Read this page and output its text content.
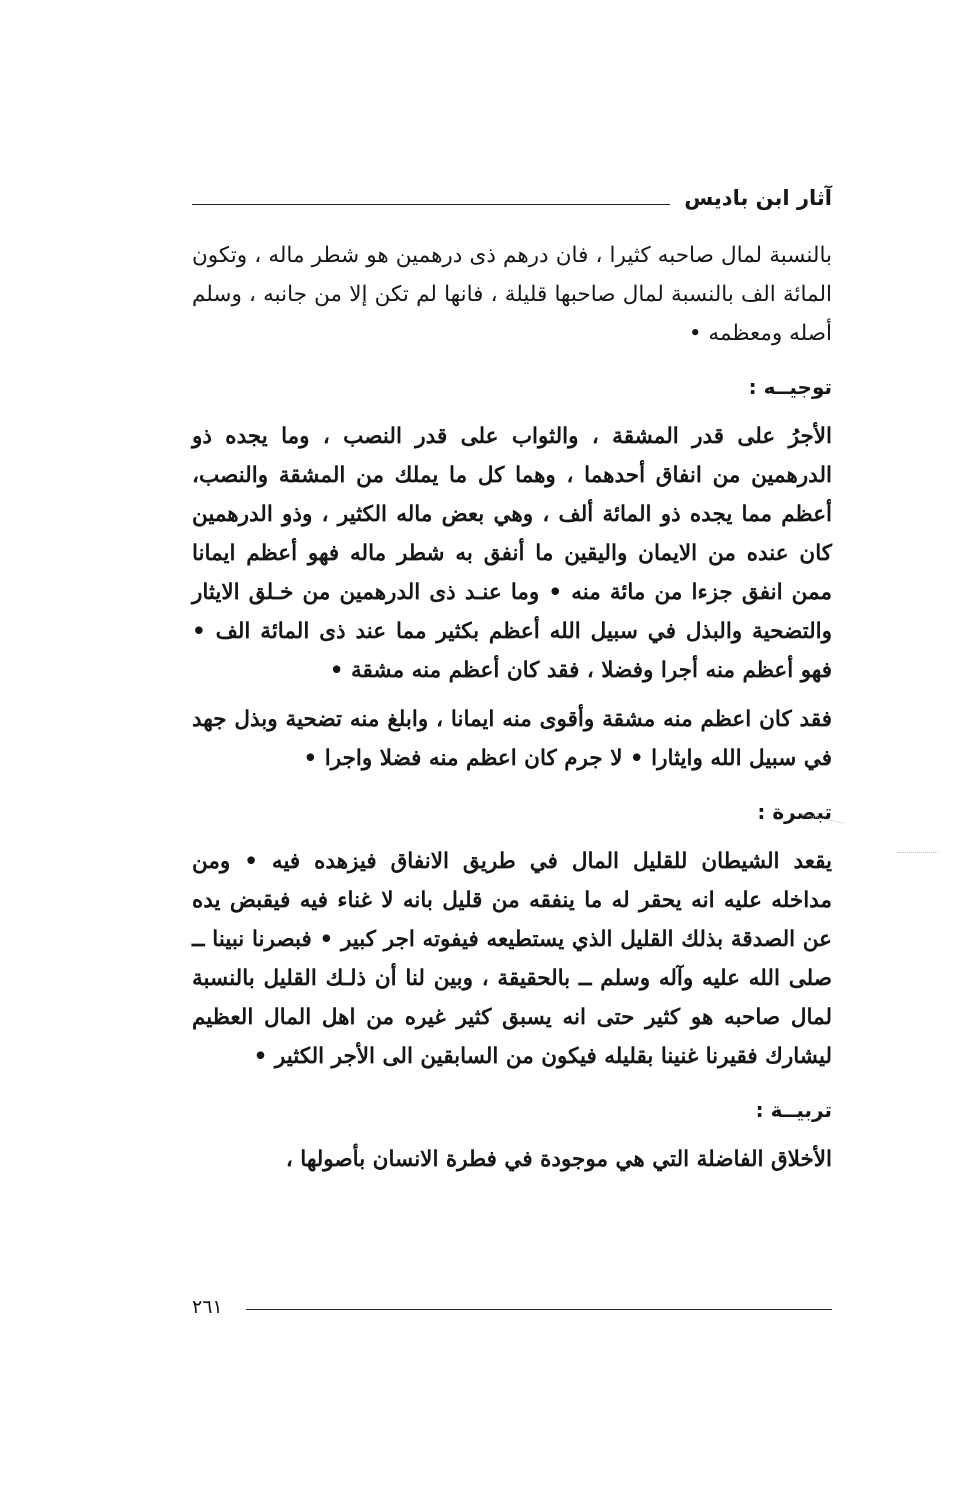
آثار ابن باديس

بالنسبة لمال صاحبه كثيرا ، فان درهم ذى درهمين هو شطر ماله ، وتكون المائة الف بالنسبة لمال صاحبها قليلة ، فانها لم تكن إلا من جانبه ، وسلم أصله ومعظمه •

توجيــه :

الأجرُ على قدر المشقة ، والثواب على قدر النصب ، وما يجده ذو الدرهمين من انفاق أحدهما ، وهما كل ما يملك من المشقة والنصب، أعظم مما يجده ذو المائة ألف ، وهي بعض ماله الكثير ، وذو الدرهمين كان عنده من الايمان واليقين ما أنفق به شطر ماله فهو أعظم ايمانا ممن انفق جزءا من مائة منه • وما عنـد ذى الدرهمين من خـلق الايثار والتضحية والبذل في سبيل الله أعظم بكثير مما عند ذى المائة الف • فهو أعظم منه أجرا وفضلا ، فقد كان أعظم منه مشقة •

فقد كان اعظم منه مشقة وأقوى منه ايمانا ، وابلغ منه تضحية وبذل جهد في سبيل الله وايثارا • لا جرم كان اعظم منه فضلا واجرا •

تبصرة :

يقعد الشيطان للقليل المال في طريق الانفاق فيزهده فيه • ومن مداخله عليه انه يحقر له ما ينفقه من قليل بانه لا غناء فيه فيقبض يده عن الصدقة بذلك القليل الذي يستطيعه فيفوته اجر كبير • فبصرنا نبينا ــ صلى الله عليه وآله وسلم ــ بالحقيقة ، وبين لنا أن ذلـك القليل بالنسبة لمال صاحبه هو كثير حتى انه يسبق كثير غيره من اهل المال العظيم ليشارك فقيرنا غنينا بقليله فيكون من السابقين الى الأجر الكثير •

تربيــة :

الأخلاق الفاضلة التي هي موجودة في فطرة الانسان بأصولها ،

٢٦١
